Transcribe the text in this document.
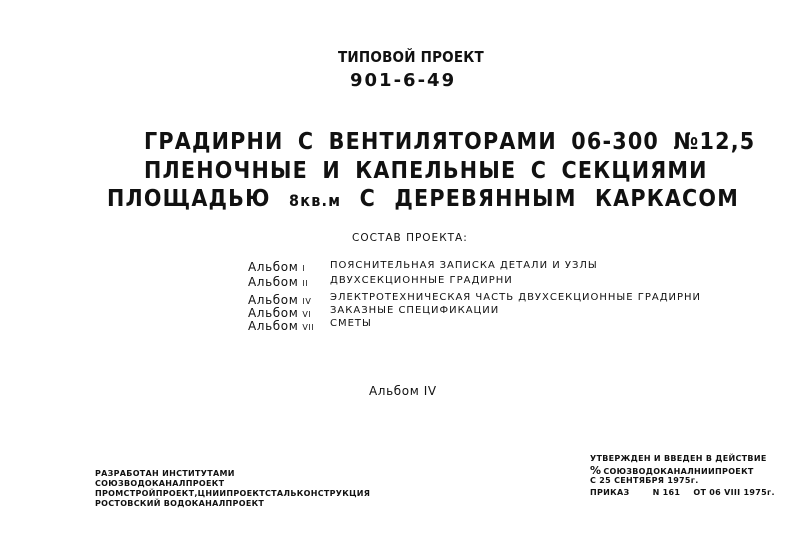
ТИПОВОЙ ПРОЕКТ
901-6-49
ГРАДИРНИ С ВЕНТИЛЯТОРАМИ 06-300 №12,5
ПЛЕНОЧНЫЕ И КАПЕЛЬНЫЕ С СЕКЦИЯМИ
ПЛОЩАДЬЮ 8кв.м С ДЕРЕВЯННЫМ КАРКАСОМ
СОСТАВ ПРОЕКТА:
Альбом I ПОЯСНИТЕЛЬНАЯ ЗАПИСКА ДЕТАЛИ И УЗЛЫ
Альбом II ДВУХСЕКЦИОННЫЕ ГРАДИРНИ
Альбом IV ЭЛЕКТРОТЕХНИЧЕСКАЯ ЧАСТЬ ДВУХСЕКЦИОННЫЕ ГРАДИРНИ
Альбом VI ЗАКАЗНЫЕ СПЕЦИФИКАЦИИ
Альбом VII СМЕТЫ
Альбом IV
РАЗРАБОТАН ИНСТИТУТАМИ
СОЮЗВОДОКАНАЛПРОЕКТ
ПРОМСТРОЙПРОЕКТ,ЦНИИПРОЕКТСТАЛЬКОНСТРУКЦИЯ
РОСТОВСКИЙ ВОДОКАНАЛПРОЕКТ
УТВЕРЖДЕН И ВВЕДЕН В ДЕЙСТВИЕ
% СОЮЗВОДОКАНАЛНИИПРОЕКТ
С 25 СЕНТЯБРЯ 1975г.
ПРИКАЗ	N 161 ОТ 06 VIII 1975г.
